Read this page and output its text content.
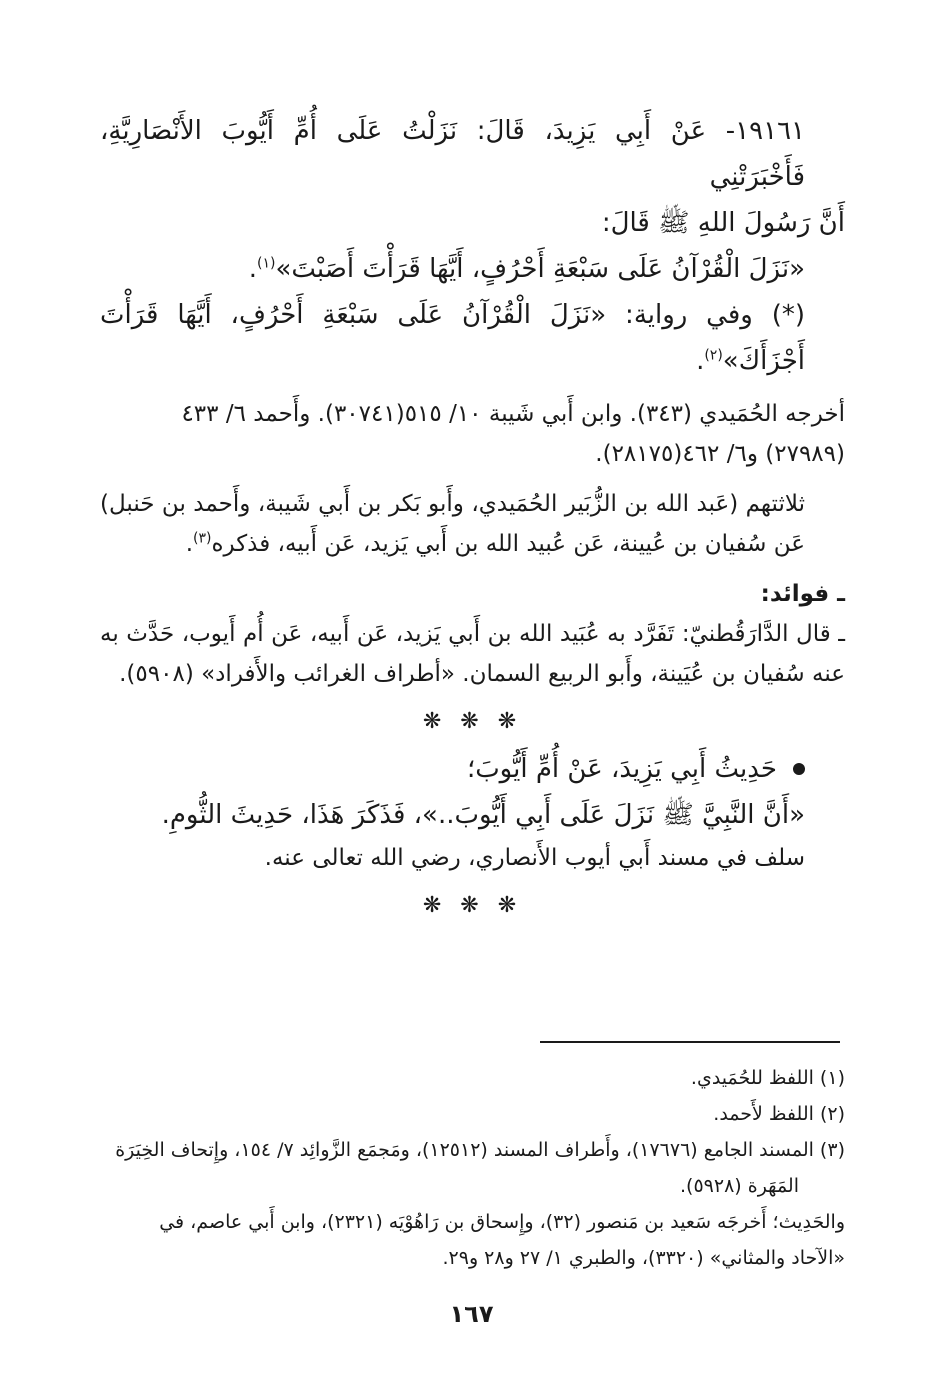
١٩١٦١- عَنْ أَبِي يَزِيدَ، قَالَ: نَزَلْتُ عَلَى أُمِّ أَيُّوبَ الأَنْصَارِيَّةِ، فَأَخْبَرَتْنِي

أَنَّ رَسُولَ اللهِ ﷺ قَالَ:

«نَزَلَ الْقُرْآنُ عَلَى سَبْعَةِ أَحْرُفٍ، أَيَّهَا قَرَأْتَ أَصَبْتَ»$^{(١)}$.

(*) وفي رواية: «نَزَلَ الْقُرْآنُ عَلَى سَبْعَةِ أَحْرُفٍ، أَيَّهَا قَرَأْتَ أَجْزَأَكَ»$^{(٢)}$.

أخرجه الحُمَيدي (٣٤٣). وابن أَبي شَيبة ١٠/ ٥١٥(٣٠٧٤١). وأَحمد ٦/ ٤٣٣

(٢٧٩٨٩) و٦/ ٤٦٢(٢٨١٧٥).

ثلاثتهم (عَبد الله بن الزُّبَير الحُمَيدي، وأَبو بَكر بن أَبي شَيبة، وأَحمد بن حَنبل) عَن سُفيان بن عُيينة، عَن عُبيد الله بن أَبي يَزيد، عَن أَبيه، فذكره$^{(٣)}$.

ـ فوائد:

ـ قال الدَّارَقُطنيّ: تَفَرَّد به عُبَيد الله بن أَبي يَزيد، عَن أَبيه، عَن أُم أَيوب، حَدَّث به عنه سُفيان بن عُيَينة، وأَبو الربيع السمان. «أطراف الغرائب والأَفراد» (٥٩٠٨).

❋ ❋ ❋

حَدِيثُ أَبِي يَزِيدَ، عَنْ أُمِّ أَيُّوبَ؛

«أَنَّ النَّبِيَّ ﷺ نَزَلَ عَلَى أَبِي أَيُّوبَ..»، فَذَكَرَ هَذَا، حَدِيثَ الثُّومِ.

سلف في مسند أَبي أيوب الأَنصاري، رضي الله تعالى عنه.

❋ ❋ ❋

(١) اللفظ للحُمَيدي.

(٢) اللفظ لأَحمد.

(٣) المسند الجامع (١٧٦٧٦)، وأَطراف المسند (١٢٥١٢)، ومَجمَع الزَّوائِد ٧/ ١٥٤، وإِتحاف الخِيَرَة

المَهَرة (٥٩٢٨).

والحَدِيث؛ أَخرجَه سَعيد بن مَنصور (٣٢)، وإِسحاق بن رَاهُوْيَه (٢٣٢١)، وابن أَبي عاصم، في

«الآحاد والمثاني» (٣٣٢٠)، والطبري ١/ ٢٧ و٢٨ و٢٩.

١٦٧
